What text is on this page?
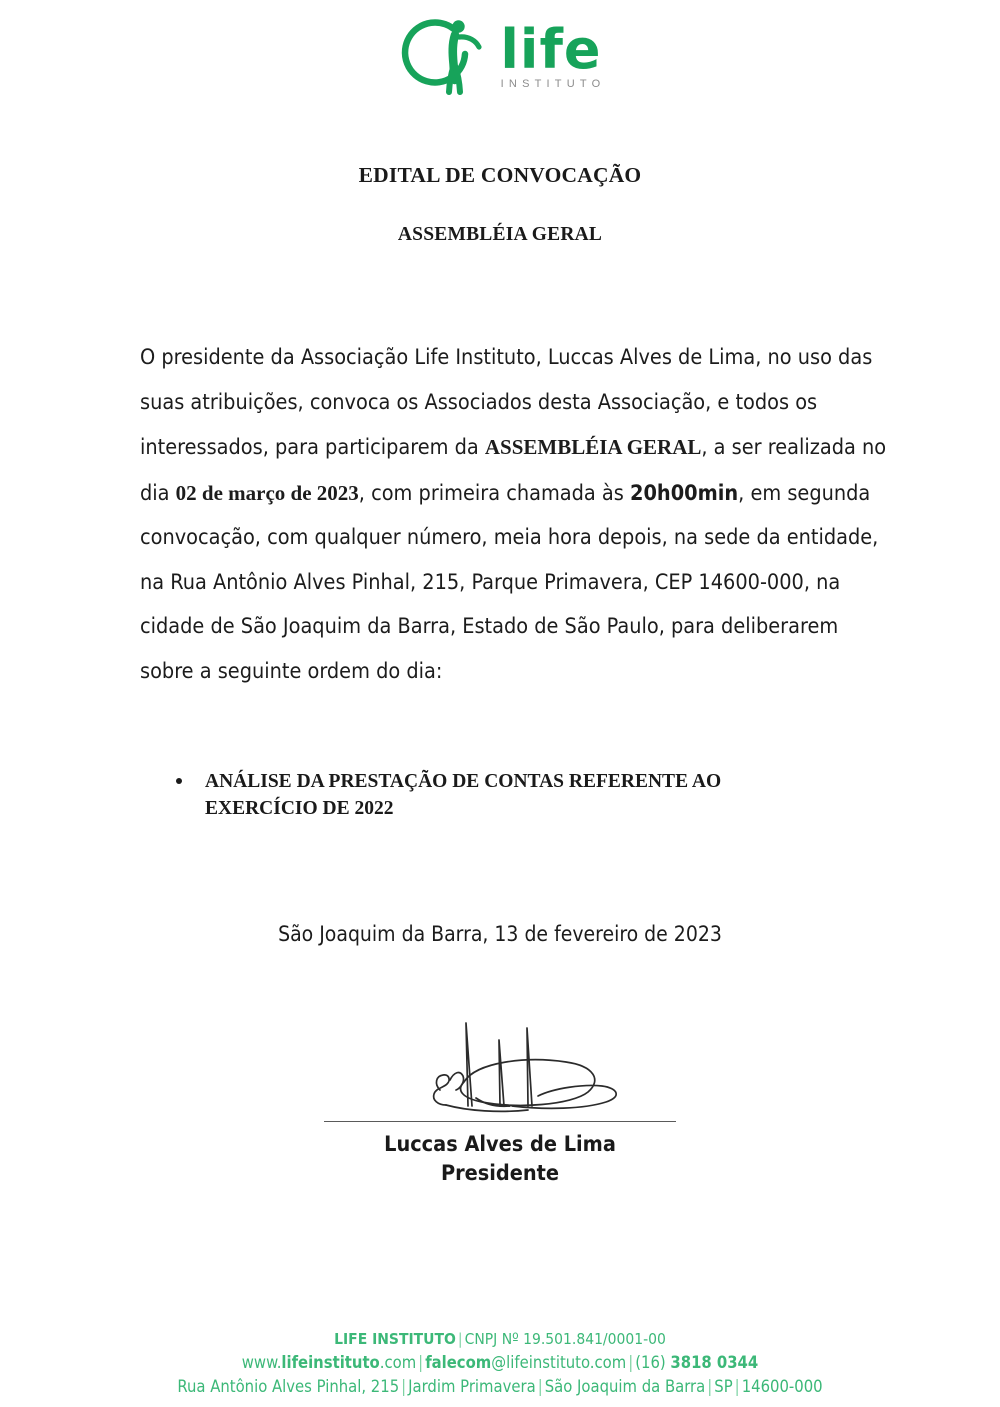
life
INSTITUTO
EDITAL DE CONVOCAÇÃO
ASSEMBLÉIA GERAL
O presidente da Associação Life Instituto, Luccas Alves de Lima, no uso das suas atribuições, convoca os Associados desta Associação, e todos os interessados, para participarem da ASSEMBLÉIA GERAL, a ser realizada no dia 02 de março de 2023, com primeira chamada às 20h00min, em segunda convocação, com qualquer número, meia hora depois, na sede da entidade, na Rua Antônio Alves Pinhal, 215, Parque Primavera, CEP 14600-000, na cidade de São Joaquim da Barra, Estado de São Paulo, para deliberarem sobre a seguinte ordem do dia:
ANÁLISE DA PRESTAÇÃO DE CONTAS REFERENTE AO
EXERCÍCIO DE 2022
São Joaquim da Barra, 13 de fevereiro de 2023
Luccas Alves de Lima
Presidente
LIFE INSTITUTO | CNPJ Nº 19.501.841/0001-00
www.lifeinstituto.com | falecom@lifeinstituto.com | (16) 3818 0344
Rua Antônio Alves Pinhal, 215 | Jardim Primavera | São Joaquim da Barra | SP | 14600-000
